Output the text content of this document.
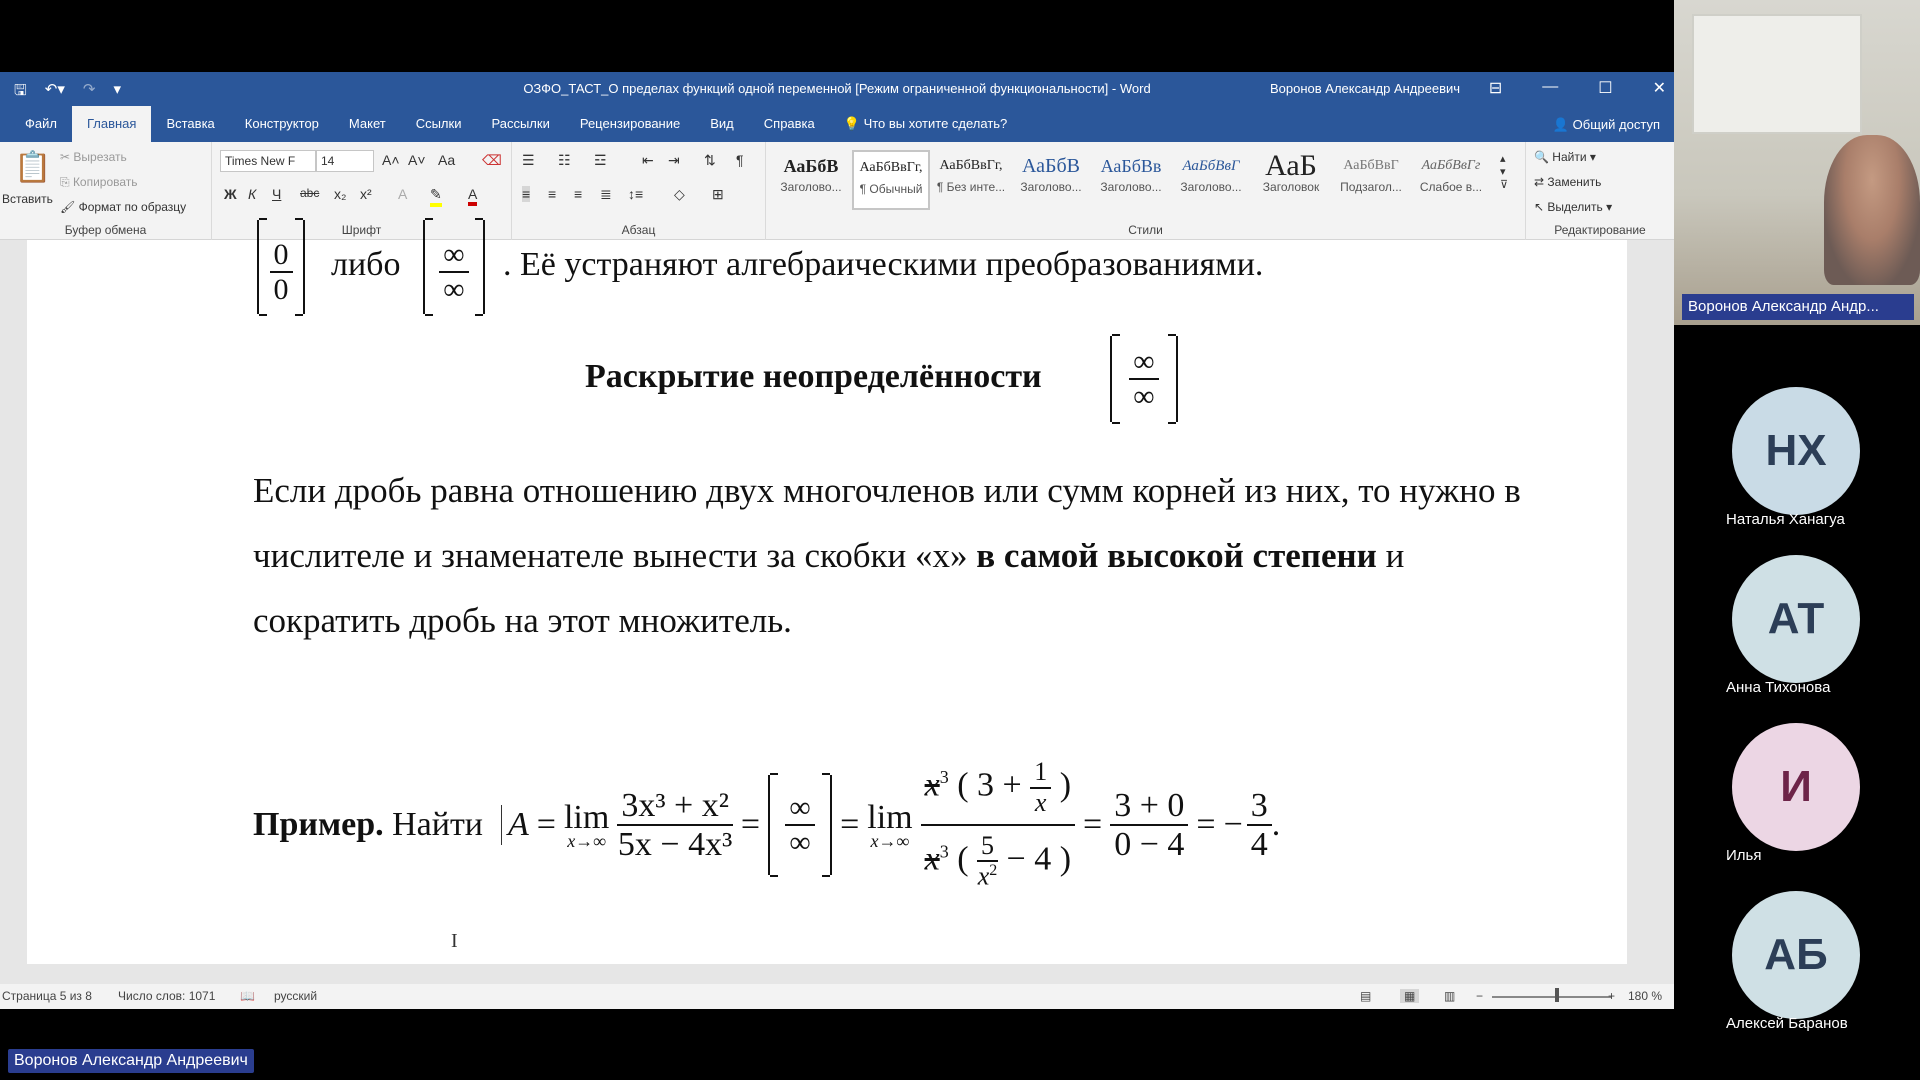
🖫 ↶▾ ↷ ▾	ОЗФО_ТАСТ_О пределах функций одной переменной [Режим ограниченной функциональности] - Word	Воронов Александр Андреевич ⊟	—	☐	✕
Файл	Главная	Вставка	Конструктор	Макет	Ссылки	Рассылки	Рецензирование	Вид	Справка	💡 Что вы хотите сделать?	👤 Общий доступ
📋
Вставить
✂ Вырезать
⎘ Копировать
🖌 Формат по образцу
Буфер обмена
Times New F	14	A˄ A˅ Aa ⌫
Ж К Ч abc x₂ x² A ✎ A
Шрифт
☰ ☷ ☲	⇤ ⇥ ⇅ ¶
≡ ≡ ≡ ≣ ↕≡ ◇ ⊞
Абзац
АаБбВ
Заголово...
АаБбВвГг,
¶ Обычный
АаБбВвГг,
¶ Без инте...
АаБбВ
Заголово...
АаБбВв
Заголово...
АаБбВвГ
Заголово...
АаБ
Заголовок
АаБбВвГ
Подзагол...
АаБбВвГг
Слабое в...
▴
▾
⊽
Стили
🔍 Найти ▾
⇄ Заменить
↖ Выделить ▾
Редактирование
$\frac{0}{0}$ либо $\frac{\infty}{\infty}$ . Её устраняют алгебраическими преобразованиями.
Раскрытие неопределённости	$\frac{\infty}{\infty}$

Если дробь равна отношению двух многочленов или сумм корней из них, то нужно в числителе и знаменателе вынести за скобки «х» в самой высокой степени и сократить дробь на этот множитель.

Пример.
Найти A = lim
$x\to\infty \frac{\text{3x³ + x²}}{\text{5x − 4x³}} = \frac{\infty}{\infty} = \lim$
$x\to\infty \frac{x^3 ( 3 + \frac{1}{x} )}{x^3 ( \frac{5}{x^2} - 4 )} = \frac{3 + 0}{0 - 4}$ = − $\frac{3}{4}$ .
I
Страница 5 из 8 Число слов: 1071 📖 русский	▤	▦	▥ −	+ 180 %
Воронов Александр Андр...
НХ
Наталья Ханагуа
АТ
Анна Тихонова
И
Илья
АБ
Алексей Баранов
Воронов Александр Андреевич
